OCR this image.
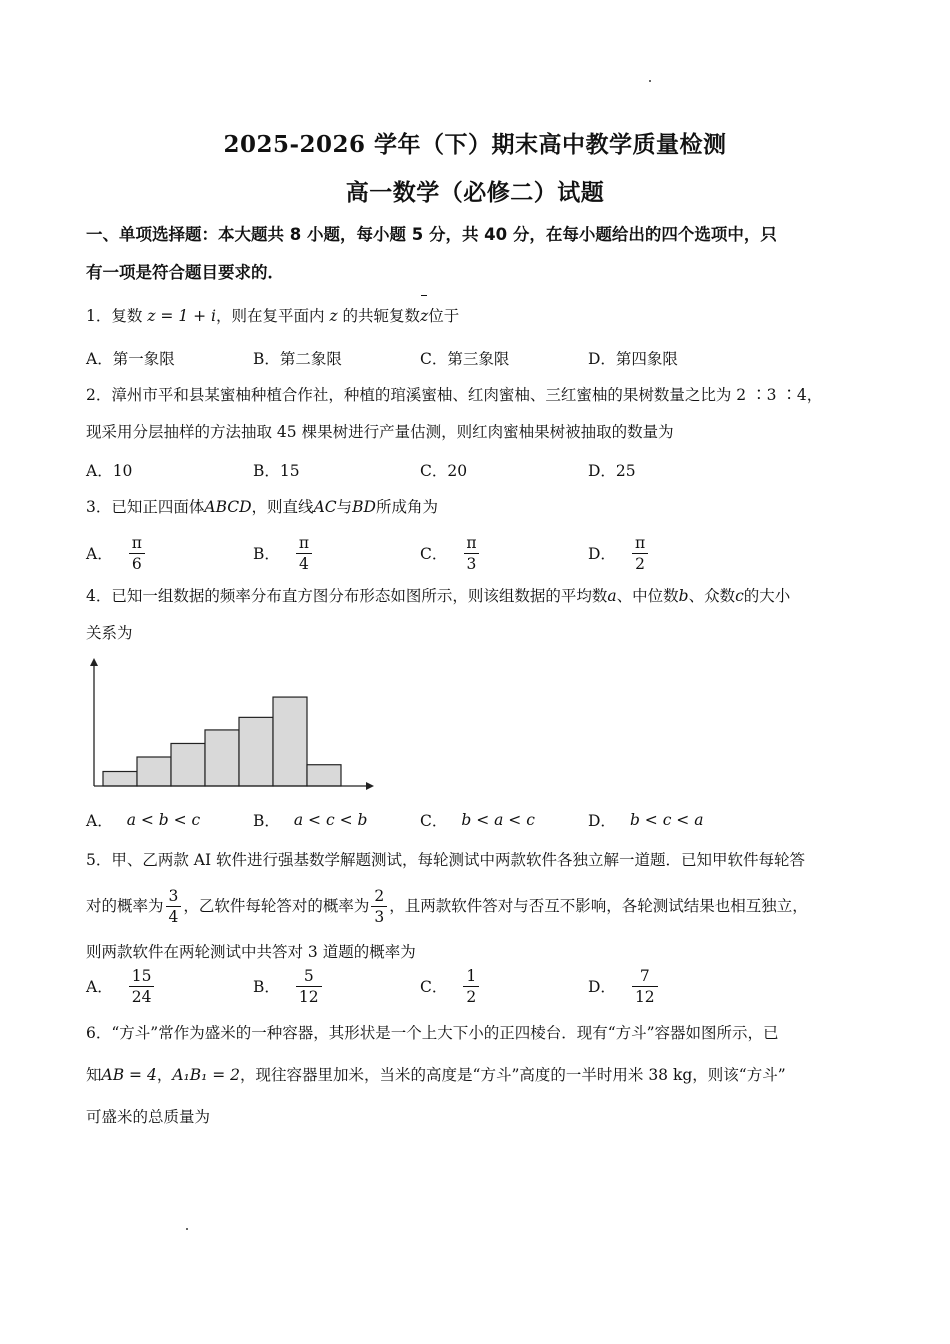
2025-2026 学年（下）期末高中教学质量检测
高一数学（必修二）试题
一、单项选择题：本大题共 8 小题，每小题 5 分，共 40 分，在每小题给出的四个选项中，只
有一项是符合题目要求的．
1．复数 z = 1 + i，则在复平面内 z 的共轭复数z位于
A．第一象限	B．第二象限	C．第三象限	D．第四象限
2．漳州市平和县某蜜柚种植合作社，种植的琯溪蜜柚、红肉蜜柚、三红蜜柚的果树数量之比为 2 ∶3 ∶4，
现采用分层抽样的方法抽取 45 棵果树进行产量估测，则红肉蜜柚果树被抽取的数量为
A．10	B．15	C．20	D．25
3．已知正四面体ABCD，则直线AC与BD所成角为
A． $\frac{\pi}{6}$	B． $\frac{\pi}{4}$	C． $\frac{\pi}{3}$	D． $\frac{\pi}{2}$
4．已知一组数据的频率分布直方图分布形态如图所示，则该组数据的平均数a、中位数b、众数c的大小
关系为
A． a < b < c	B． a < c < b	C． b < a < c	D． b < c < a
5．甲、乙两款 AI 软件进行强基数学解题测试，每轮测试中两款软件各独立解一道题．已知甲软件每轮答
对的概率为 $\frac{3}{4}$ ，乙软件每轮答对的概率为 $\frac{2}{3}$ ，且两款软件答对与否互不影响，各轮测试结果也相互独立，
则两款软件在两轮测试中共答对 3 道题的概率为
A． $\frac{15}{24}$	B． $\frac{5}{12}$	C． $\frac{1}{2}$	D． $\frac{7}{12}$
6．“方斗”常作为盛米的一种容器，其形状是一个上大下小的正四棱台．现有“方斗”容器如图所示，已
知AB = 4，A₁B₁ = 2，现往容器里加米，当米的高度是“方斗”高度的一半时用米 38 kg，则该“方斗”
可盛米的总质量为
